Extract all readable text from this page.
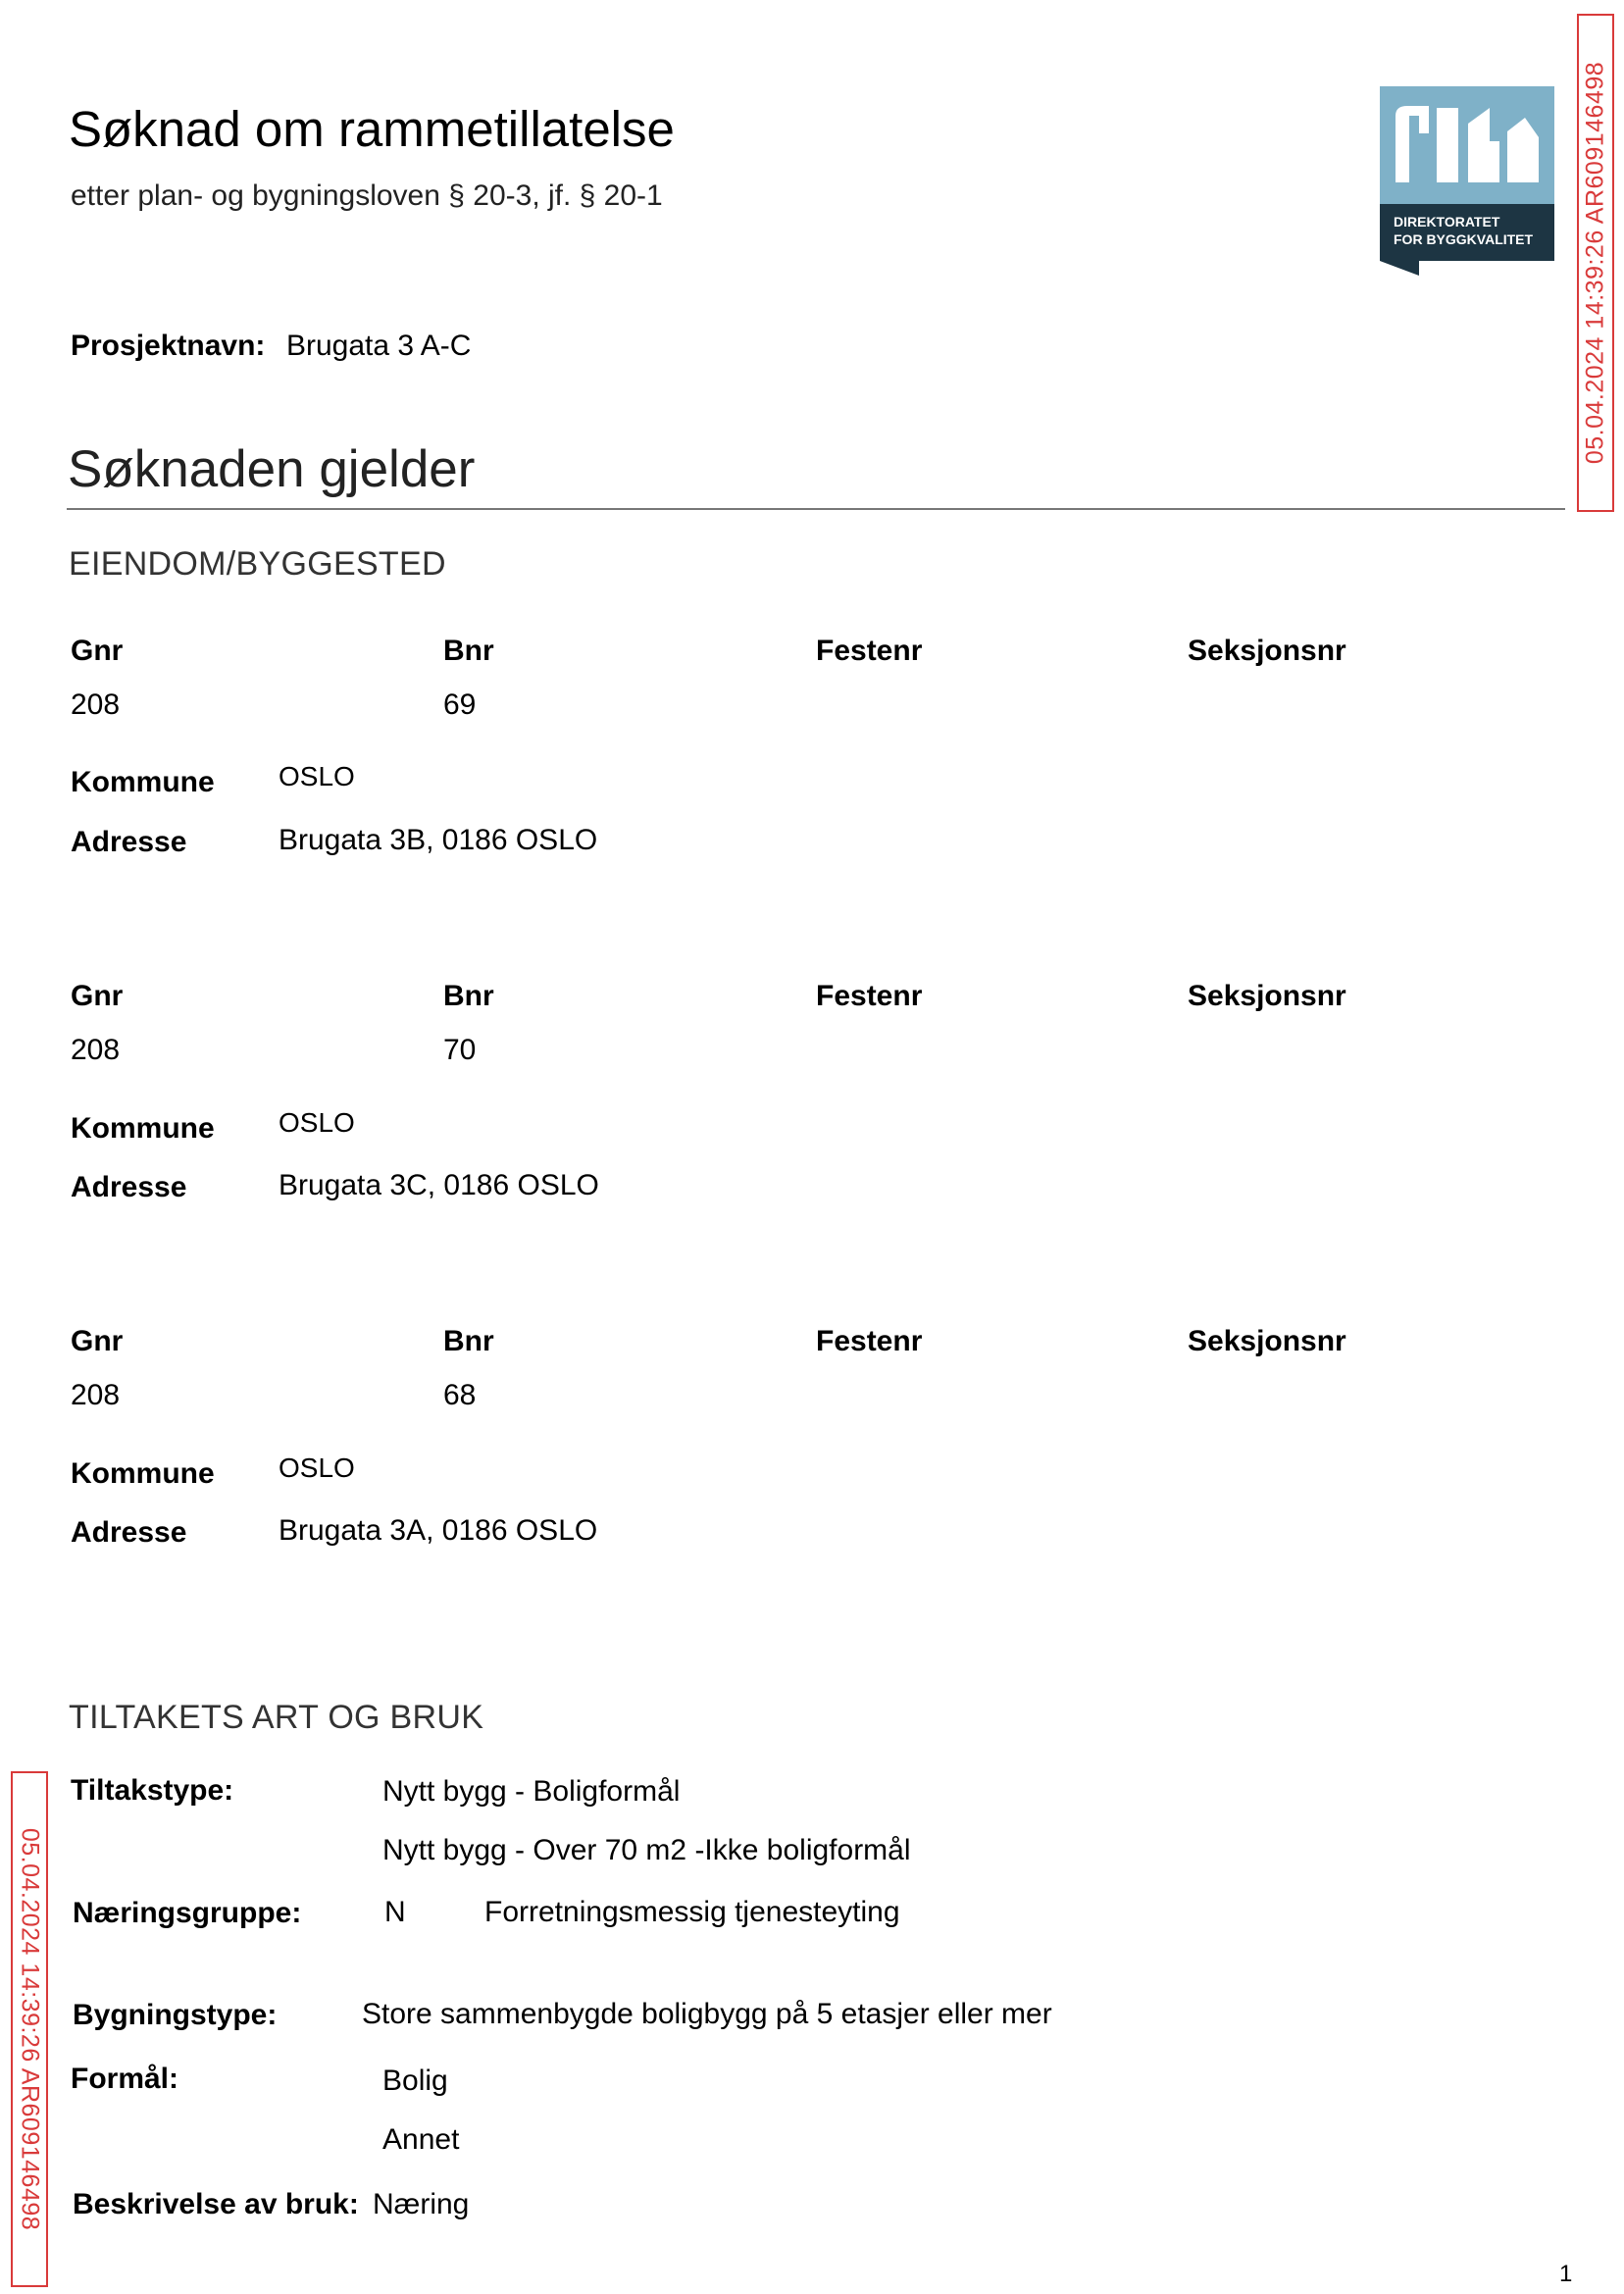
Søknad om rammetillatelse
etter plan- og bygningsloven § 20-3, jf. § 20-1
DIREKTORATET
FOR BYGGKVALITET
Prosjektnavn: Brugata 3 A-C
Søknaden gjelder
EIENDOM/BYGGESTED
Gnr	Bnr	Festenr	Seksjonsnr
208	69
Kommune OSLO
Adresse	Brugata 3B, 0186 OSLO
Gnr	Bnr	Festenr	Seksjonsnr
208	70
Kommune OSLO
Adresse	Brugata 3C, 0186 OSLO
Gnr	Bnr	Festenr	Seksjonsnr
208	68
Kommune OSLO
Adresse	Brugata 3A, 0186 OSLO
TILTAKETS ART OG BRUK
Tiltakstype:	Nytt bygg - Boligformål
Nytt bygg - Over 70 m2 -Ikke boligformål
Næringsgruppe:	N	Forretningsmessig tjenesteyting
Bygningstype:	Store sammenbygde boligbygg på 5 etasjer eller mer
Formål:	Bolig
Annet
Beskrivelse av bruk: Næring
05.04.2024 14:39:26 AR609146498
05.04.2024 14:39:26 AR609146498
1
